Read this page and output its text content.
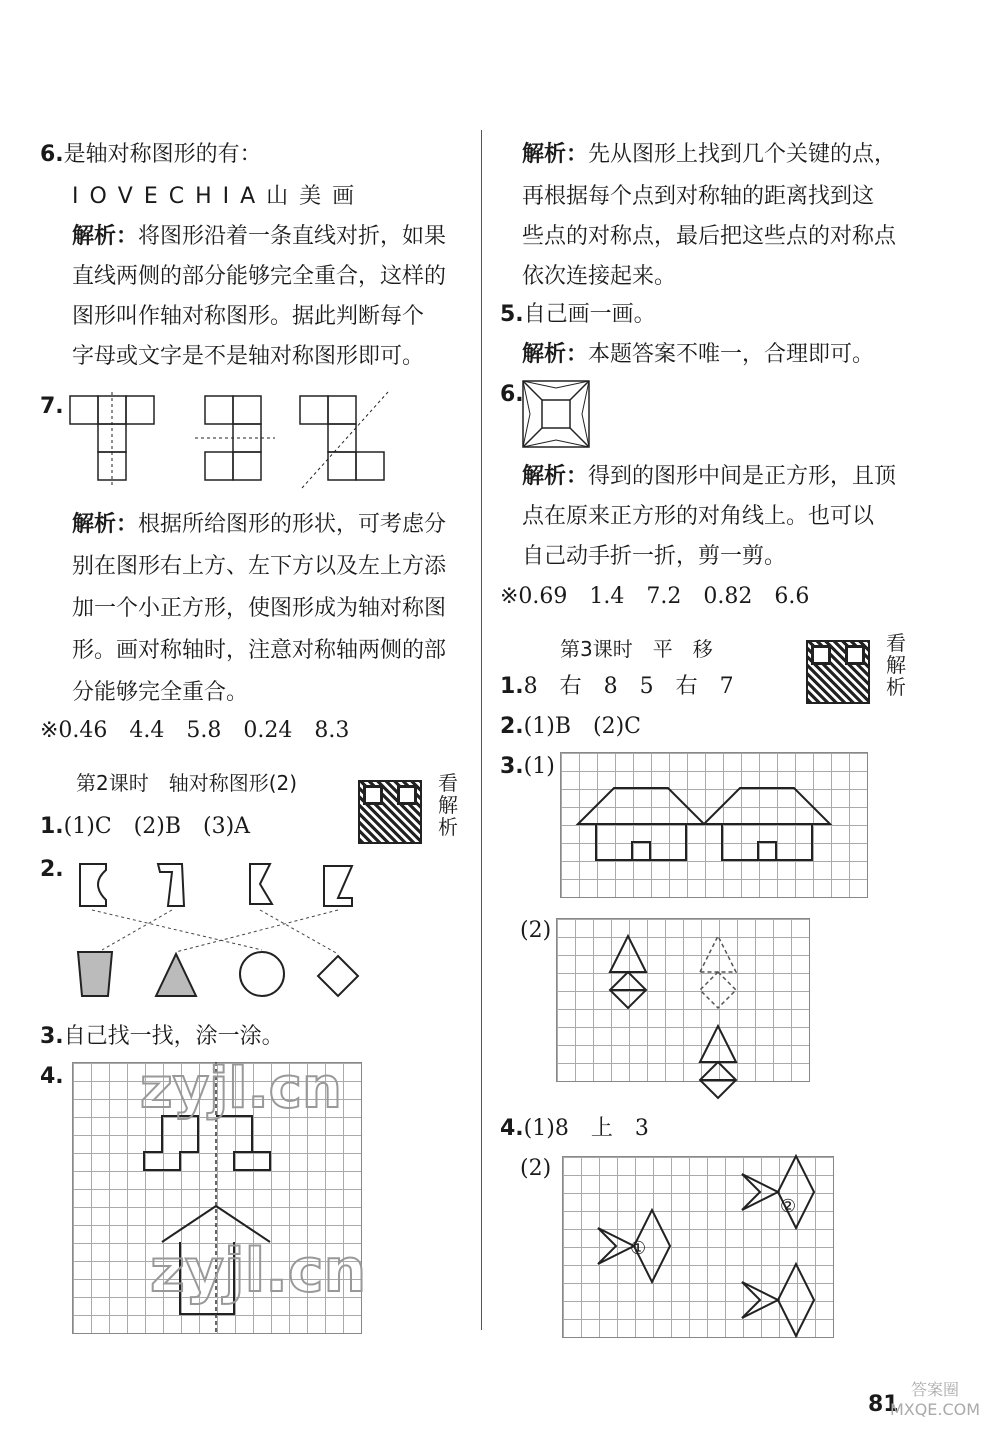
6.是轴对称图形的有：
I O V E C H I A 山 美 画
解析：将图形沿着一条直线对折，如果
直线两侧的部分能够完全重合，这样的
图形叫作轴对称图形。据此判断每个
字母或文字是不是轴对称图形即可。
7.
解析：根据所给图形的形状，可考虑分
别在图形右上方、左下方以及左上方添
加一个小正方形，使图形成为轴对称图
形。画对称轴时，注意对称轴两侧的部
分能够完全重合。
※0.46　4.4　5.8　0.24　8.3
第2课时　轴对称图形(2)	看解析
1.(1)C　(2)B　(3)A
2.
3.自己找一找，涂一涂。
4. zyjl.cn
zyjl.cn
解析：先从图形上找到几个关键的点，
再根据每个点到对称轴的距离找到这
些点的对称点，最后把这些点的对称点
依次连接起来。
5.自己画一画。
解析：本题答案不唯一，合理即可。
6.
解析：得到的图形中间是正方形，且顶
点在原来正方形的对角线上。也可以
自己动手折一折，剪一剪。
※0.69　1.4　7.2　0.82　6.6
第3课时　平　移	看解析
1.8　右　8　5　右　7
2.(1)B　(2)C
3.(1)
(2)
4.(1)8　上　3
(2)
①
②
81
答案圈 MXQE.COM
